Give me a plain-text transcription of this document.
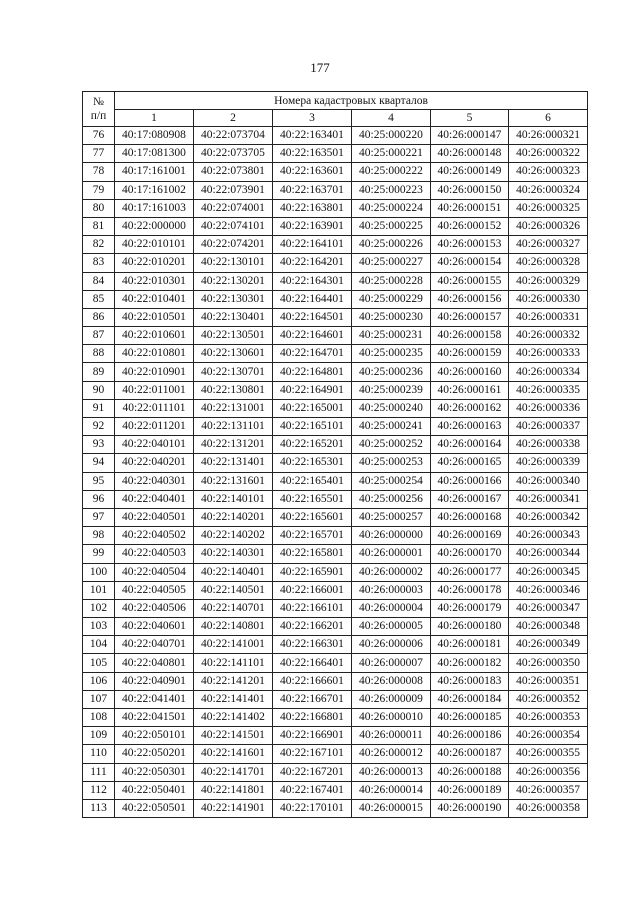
177
№
п/п	Номера кадастровых кварталов					
	1	2	3	4	5	6
76	40:17:080908	40:22:073704	40:22:163401	40:25:000220	40:26:000147	40:26:000321
77	40:17:081300	40:22:073705	40:22:163501	40:25:000221	40:26:000148	40:26:000322
78	40:17:161001	40:22:073801	40:22:163601	40:25:000222	40:26:000149	40:26:000323
79	40:17:161002	40:22:073901	40:22:163701	40:25:000223	40:26:000150	40:26:000324
80	40:17:161003	40:22:074001	40:22:163801	40:25:000224	40:26:000151	40:26:000325
81	40:22:000000	40:22:074101	40:22:163901	40:25:000225	40:26:000152	40:26:000326
82	40:22:010101	40:22:074201	40:22:164101	40:25:000226	40:26:000153	40:26:000327
83	40:22:010201	40:22:130101	40:22:164201	40:25:000227	40:26:000154	40:26:000328
84	40:22:010301	40:22:130201	40:22:164301	40:25:000228	40:26:000155	40:26:000329
85	40:22:010401	40:22:130301	40:22:164401	40:25:000229	40:26:000156	40:26:000330
86	40:22:010501	40:22:130401	40:22:164501	40:25:000230	40:26:000157	40:26:000331
87	40:22:010601	40:22:130501	40:22:164601	40:25:000231	40:26:000158	40:26:000332
88	40:22:010801	40:22:130601	40:22:164701	40:25:000235	40:26:000159	40:26:000333
89	40:22:010901	40:22:130701	40:22:164801	40:25:000236	40:26:000160	40:26:000334
90	40:22:011001	40:22:130801	40:22:164901	40:25:000239	40:26:000161	40:26:000335
91	40:22:011101	40:22:131001	40:22:165001	40:25:000240	40:26:000162	40:26:000336
92	40:22:011201	40:22:131101	40:22:165101	40:25:000241	40:26:000163	40:26:000337
93	40:22:040101	40:22:131201	40:22:165201	40:25:000252	40:26:000164	40:26:000338
94	40:22:040201	40:22:131401	40:22:165301	40:25:000253	40:26:000165	40:26:000339
95	40:22:040301	40:22:131601	40:22:165401	40:25:000254	40:26:000166	40:26:000340
96	40:22:040401	40:22:140101	40:22:165501	40:25:000256	40:26:000167	40:26:000341
97	40:22:040501	40:22:140201	40:22:165601	40:25:000257	40:26:000168	40:26:000342
98	40:22:040502	40:22:140202	40:22:165701	40:26:000000	40:26:000169	40:26:000343
99	40:22:040503	40:22:140301	40:22:165801	40:26:000001	40:26:000170	40:26:000344
100	40:22:040504	40:22:140401	40:22:165901	40:26:000002	40:26:000177	40:26:000345
101	40:22:040505	40:22:140501	40:22:166001	40:26:000003	40:26:000178	40:26:000346
102	40:22:040506	40:22:140701	40:22:166101	40:26:000004	40:26:000179	40:26:000347
103	40:22:040601	40:22:140801	40:22:166201	40:26:000005	40:26:000180	40:26:000348
104	40:22:040701	40:22:141001	40:22:166301	40:26:000006	40:26:000181	40:26:000349
105	40:22:040801	40:22:141101	40:22:166401	40:26:000007	40:26:000182	40:26:000350
106	40:22:040901	40:22:141201	40:22:166601	40:26:000008	40:26:000183	40:26:000351
107	40:22:041401	40:22:141401	40:22:166701	40:26:000009	40:26:000184	40:26:000352
108	40:22:041501	40:22:141402	40:22:166801	40:26:000010	40:26:000185	40:26:000353
109	40:22:050101	40:22:141501	40:22:166901	40:26:000011	40:26:000186	40:26:000354
110	40:22:050201	40:22:141601	40:22:167101	40:26:000012	40:26:000187	40:26:000355
111	40:22:050301	40:22:141701	40:22:167201	40:26:000013	40:26:000188	40:26:000356
112	40:22:050401	40:22:141801	40:22:167401	40:26:000014	40:26:000189	40:26:000357
113	40:22:050501	40:22:141901	40:22:170101	40:26:000015	40:26:000190	40:26:000358
